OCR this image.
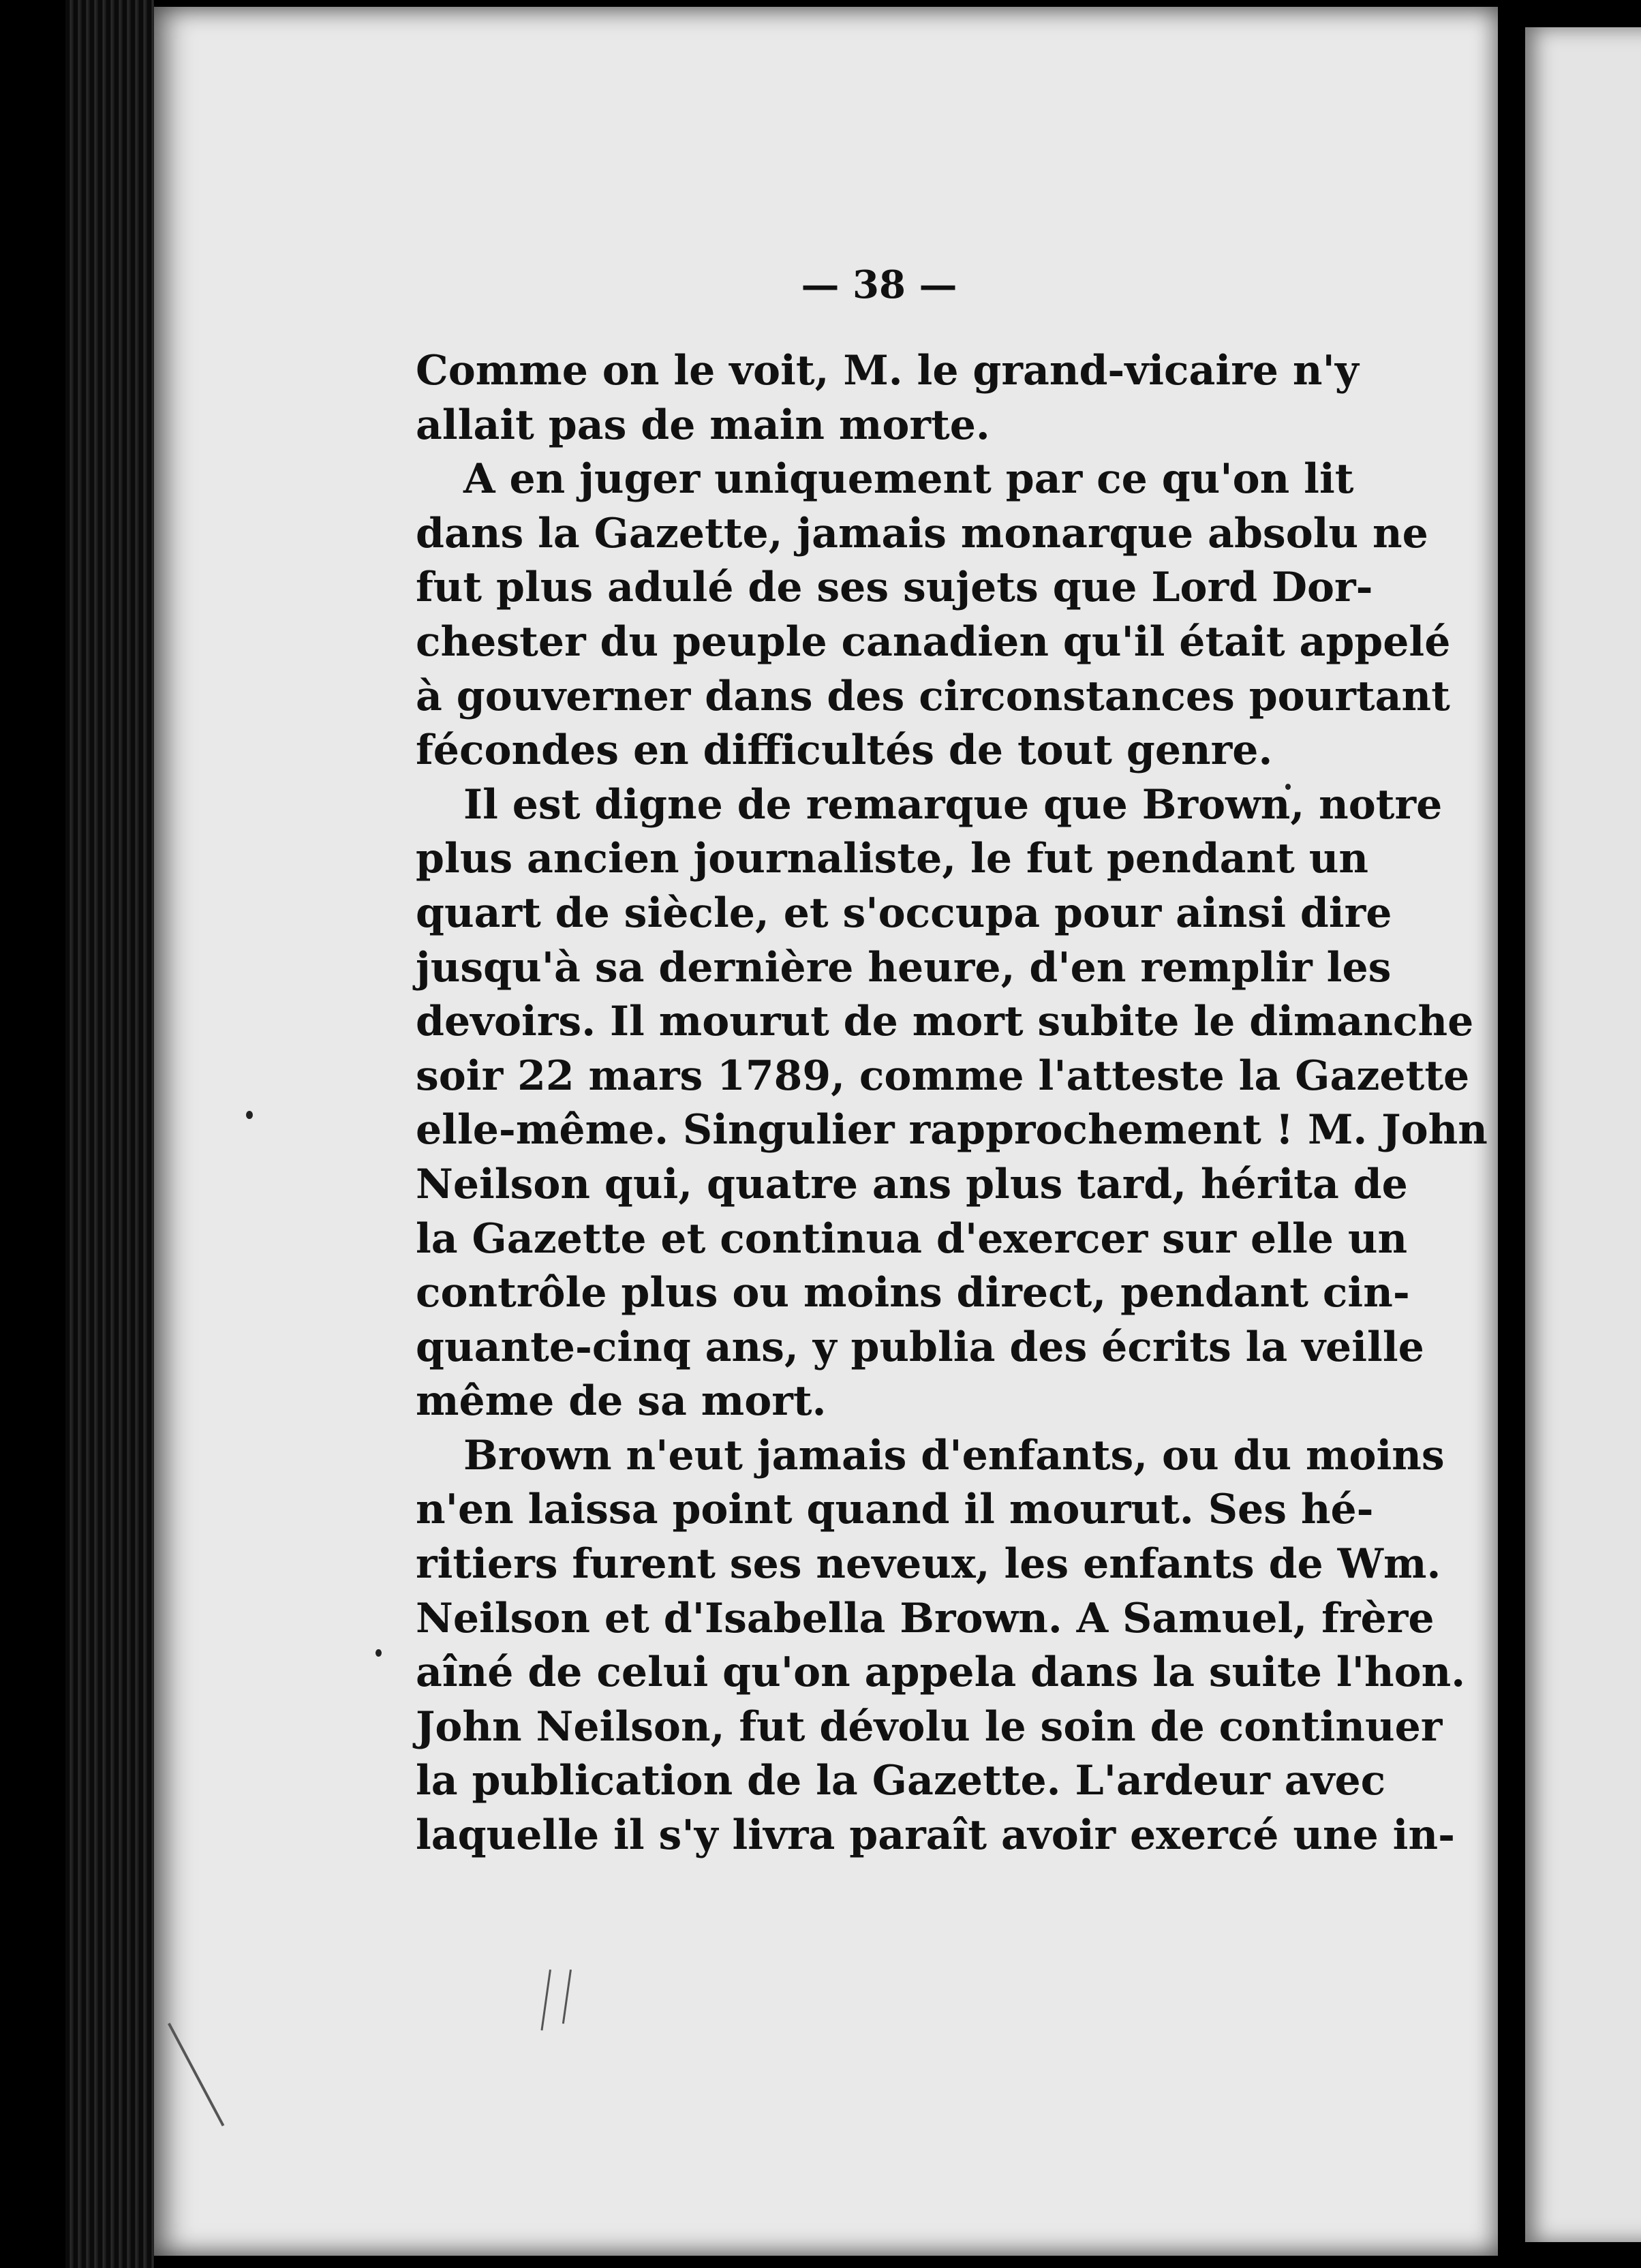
— 38 —
Comme on le voit, M. le grand-vicaire n'y
allait pas de main morte.
A en juger uniquement par ce qu'on lit
dans la Gazette, jamais monarque absolu ne
fut plus adulé de ses sujets que Lord Dor-
chester du peuple canadien qu'il était appelé
à gouverner dans des circonstances pourtant
fécondes en difficultés de tout genre.
Il est digne de remarque que Brown, notre
plus ancien journaliste, le fut pendant un
quart de siècle, et s'occupa pour ainsi dire
jusqu'à sa dernière heure, d'en remplir les
devoirs. Il mourut de mort subite le dimanche
soir 22 mars 1789, comme l'atteste la Gazette
elle-même. Singulier rapprochement ! M. John
Neilson qui, quatre ans plus tard, hérita de
la Gazette et continua d'exercer sur elle un
contrôle plus ou moins direct, pendant cin-
quante-cinq ans, y publia des écrits la veille
même de sa mort.
Brown n'eut jamais d'enfants, ou du moins
n'en laissa point quand il mourut. Ses hé-
ritiers furent ses neveux, les enfants de Wm.
Neilson et d'Isabella Brown. A Samuel, frère
aîné de celui qu'on appela dans la suite l'hon.
John Neilson, fut dévolu le soin de continuer
la publication de la Gazette. L'ardeur avec
laquelle il s'y livra paraît avoir exercé une in-
